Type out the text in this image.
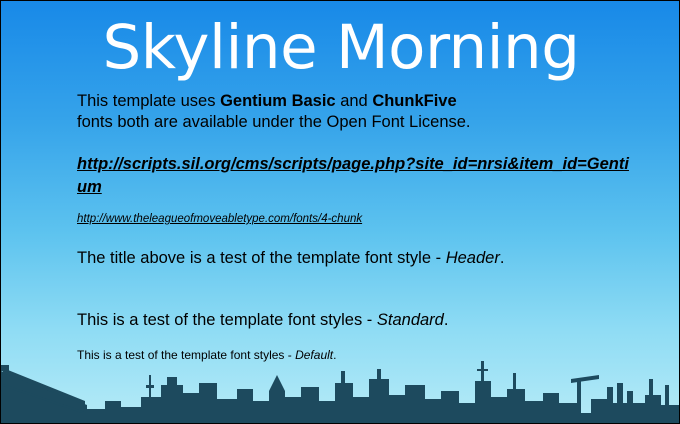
Skyline Morning
This template uses Gentium Basic and ChunkFive
fonts both are available under the Open Font License.
http://scripts.sil.org/cms/scripts/page.php?site_id=nrsi&item_id=Gentium
http://www.theleagueofmoveabletype.com/fonts/4-chunk
The title above is a test of the template font style - Header.
This is a test of the template font styles - Standard.
This is a test of the template font styles - Default.
